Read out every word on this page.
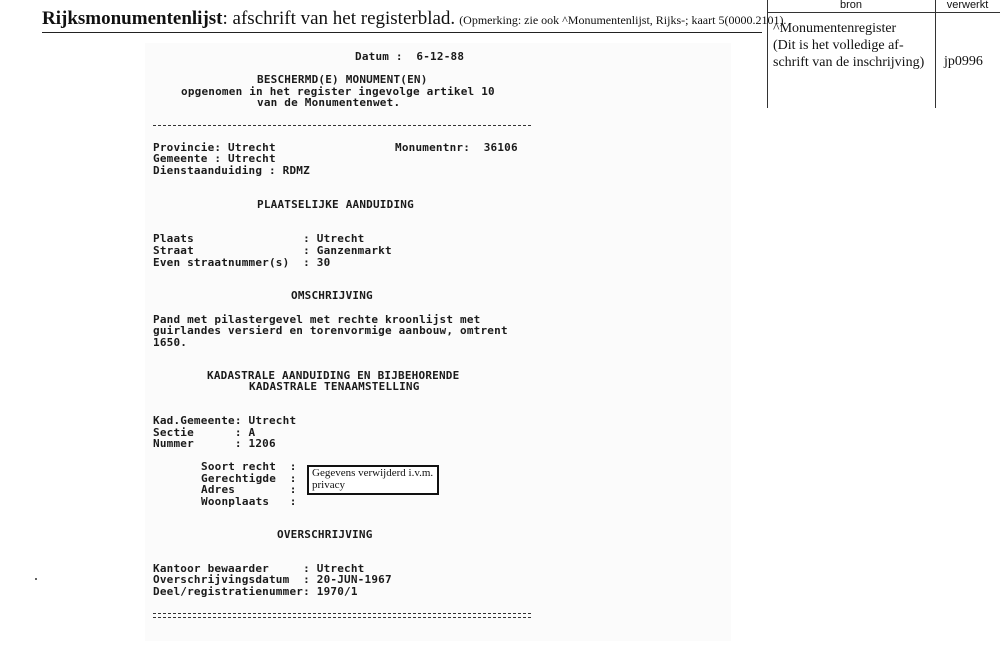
Rijksmonumentenlijst: afschrift van het registerblad. (Opmerking: zie ook ^Monumentenlijst, Rijks-; kaart 5(0000.2101).
bron	verwerkt
^Monumentenregister
(Dit is het volledige af-
schrift van de inschrijving)	jp0996
Datum :  6-12-88
BESCHERMD(E) MONUMENT(EN)
opgenomen in het register ingevolge artikel 10
van de Monumentenwet.
Provincie: Utrecht	Monumentnr:  36106
Gemeente : Utrecht
Dienstaanduiding : RDMZ
PLAATSELIJKE AANDUIDING
Plaats                : Utrecht
Straat                : Ganzenmarkt
Even straatnummer(s)  : 30
OMSCHRIJVING
Pand met pilastergevel met rechte kroonlijst met
guirlandes versierd en torenvormige aanbouw, omtrent
1650.
KADASTRALE AANDUIDING EN BIJBEHORENDE
KADASTRALE TENAAMSTELLING
Kad.Gemeente: Utrecht
Sectie      : A
Nummer      : 1206
Soort recht  :
Gerechtigde  :
Adres        :
Woonplaats   :
Gegevens verwijderd i.v.m.
privacy
OVERSCHRIJVING
Kantoor bewaarder     : Utrecht
Overschrijvingsdatum  : 20-JUN-1967
Deel/registratienummer: 1970/1
